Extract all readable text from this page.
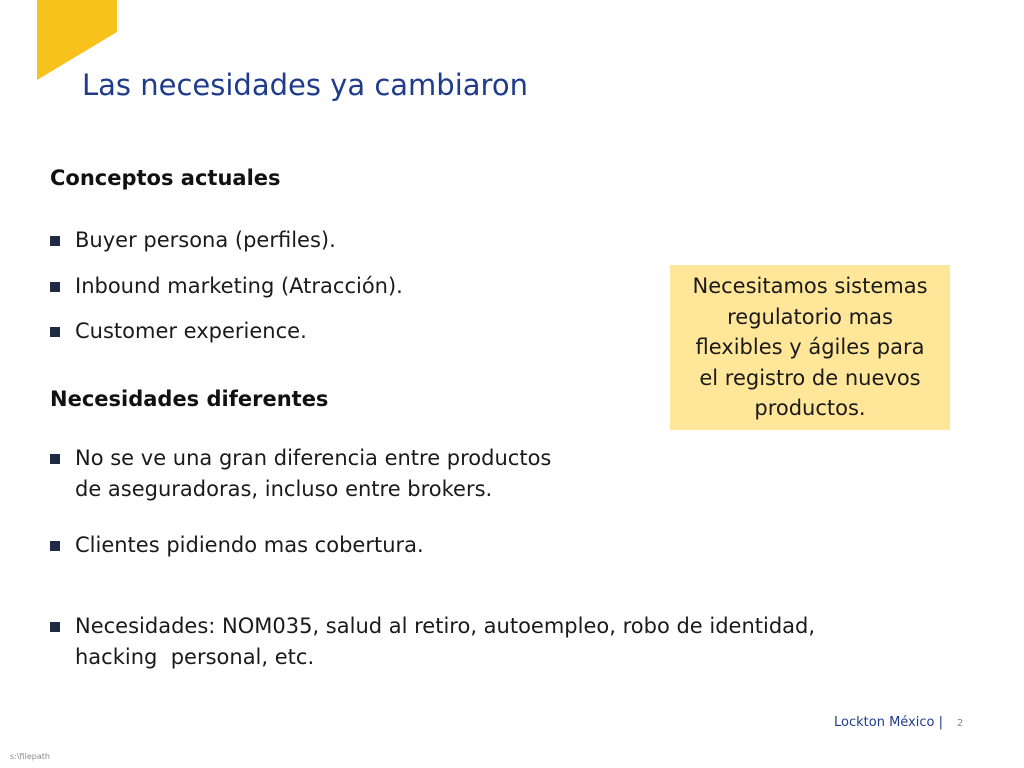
Las necesidades ya cambiaron
Conceptos actuales
Buyer persona (perfiles).
Inbound marketing (Atracción).
Customer experience.
Necesidades diferentes
No se ve una gran diferencia entre productos
de aseguradoras, incluso entre brokers.
Clientes pidiendo mas cobertura.
Necesidades: NOM035, salud al retiro, autoempleo, robo de identidad,
hacking  personal, etc.
Necesitamos sistemas regulatorio mas flexibles y ágiles para el registro de nuevos productos.
Lockton México | 2
s:\filepath
